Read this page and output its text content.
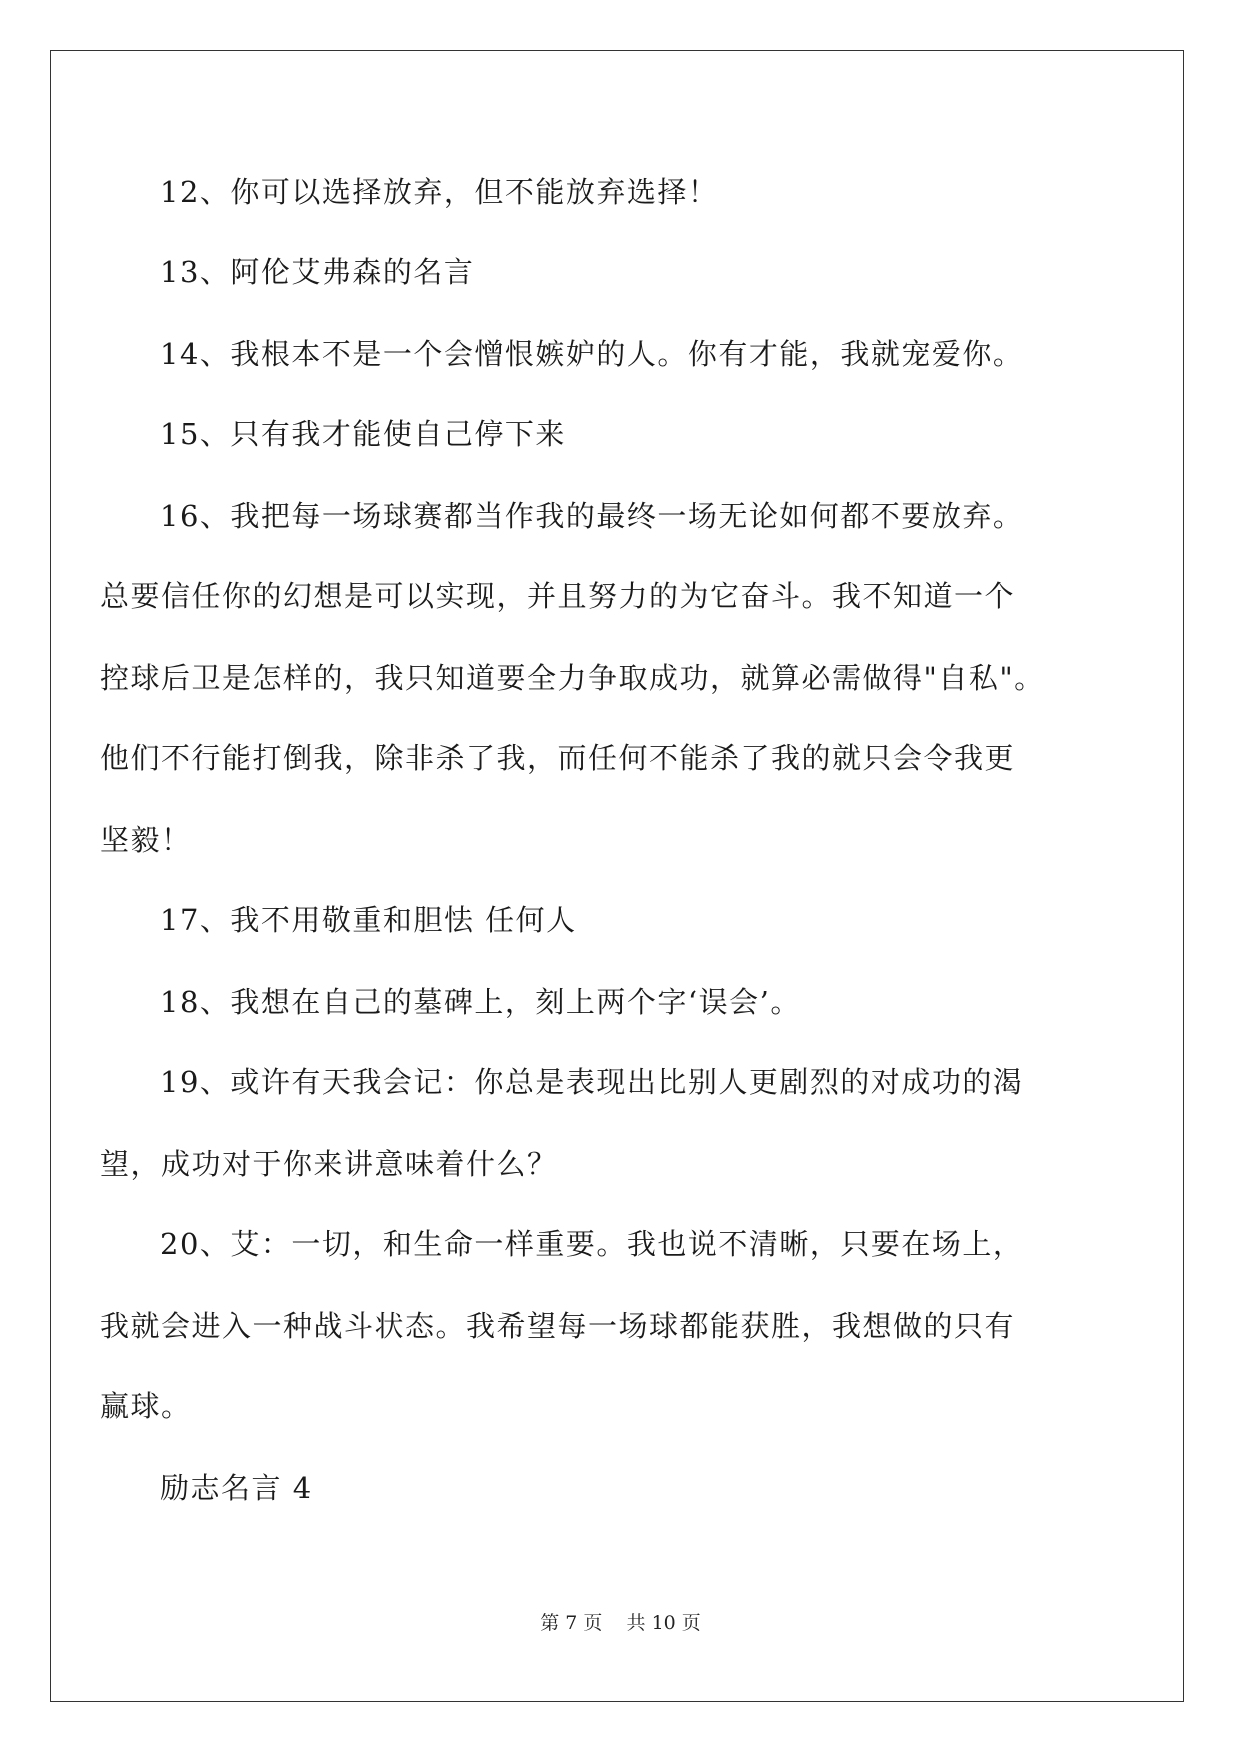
12、你可以选择放弃，但不能放弃选择！

13、阿伦艾弗森的名言

14、我根本不是一个会憎恨嫉妒的人。你有才能，我就宠爱你。

15、只有我才能使自己停下来

16、我把每一场球赛都当作我的最终一场无论如何都不要放弃。

总要信任你的幻想是可以实现，并且努力的为它奋斗。我不知道一个

控球后卫是怎样的，我只知道要全力争取成功，就算必需做得"自私"。

他们不行能打倒我，除非杀了我，而任何不能杀了我的就只会令我更

坚毅！

17、我不用敬重和胆怯 任何人

18、我想在自己的墓碑上，刻上两个字‘误会’。

19、或许有天我会记：你总是表现出比别人更剧烈的对成功的渴

望，成功对于你来讲意味着什么？

20、艾：一切，和生命一样重要。我也说不清晰，只要在场上，

我就会进入一种战斗状态。我希望每一场球都能获胜，我想做的只有

赢球。

励志名言 4

第 7 页    共 10 页
